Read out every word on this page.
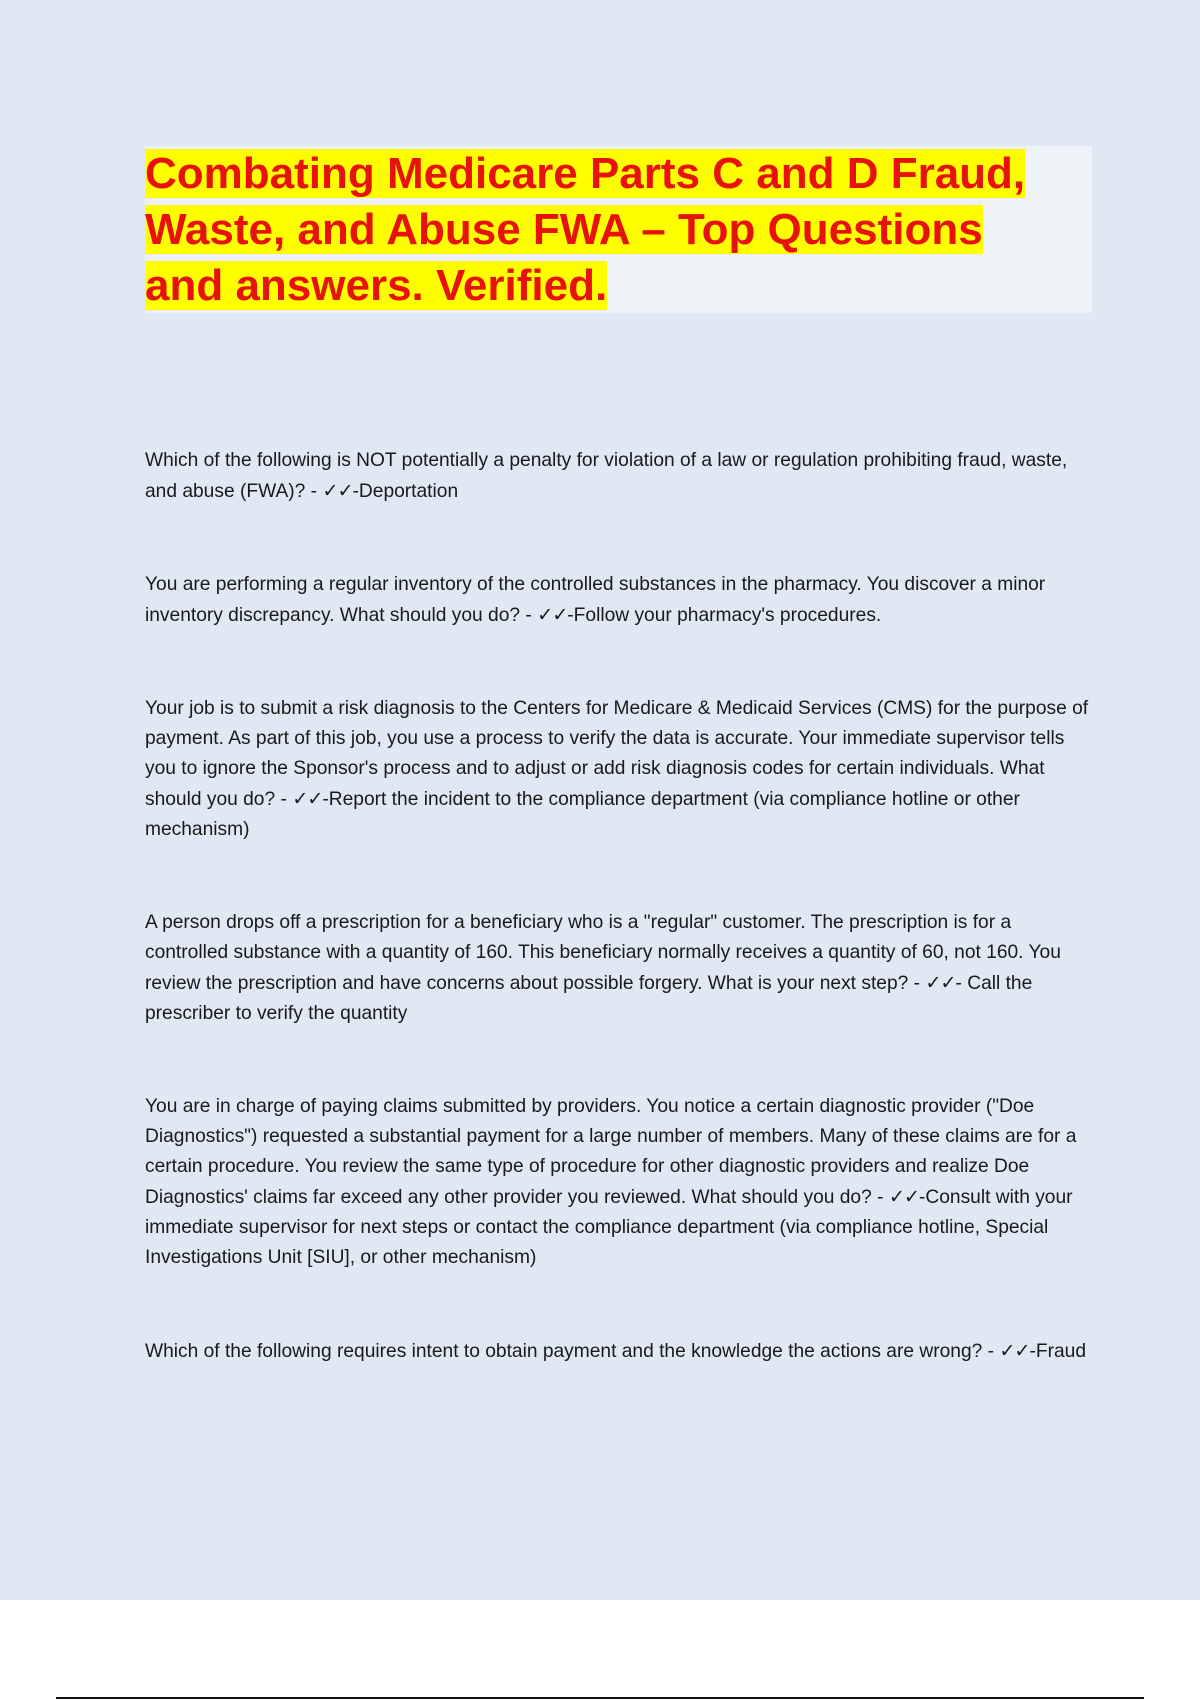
Combating Medicare Parts C and D Fraud, Waste, and Abuse FWA – Top Questions and answers. Verified.

Which of the following is NOT potentially a penalty for violation of a law or regulation prohibiting fraud, waste, and abuse (FWA)? - ✓✓-Deportation

You are performing a regular inventory of the controlled substances in the pharmacy. You discover a minor inventory discrepancy. What should you do? - ✓✓-Follow your pharmacy's procedures.

Your job is to submit a risk diagnosis to the Centers for Medicare & Medicaid Services (CMS) for the purpose of payment. As part of this job, you use a process to verify the data is accurate. Your immediate supervisor tells you to ignore the Sponsor's process and to adjust or add risk diagnosis codes for certain individuals. What should you do? - ✓✓-Report the incident to the compliance department (via compliance hotline or other mechanism)

A person drops off a prescription for a beneficiary who is a "regular" customer. The prescription is for a controlled substance with a quantity of 160. This beneficiary normally receives a quantity of 60, not 160. You review the prescription and have concerns about possible forgery. What is your next step? - ✓✓- Call the prescriber to verify the quantity

You are in charge of paying claims submitted by providers. You notice a certain diagnostic provider ("Doe Diagnostics") requested a substantial payment for a large number of members. Many of these claims are for a certain procedure. You review the same type of procedure for other diagnostic providers and realize Doe Diagnostics' claims far exceed any other provider you reviewed. What should you do? - ✓✓-Consult with your immediate supervisor for next steps or contact the compliance department (via compliance hotline, Special Investigations Unit [SIU], or other mechanism)

Which of the following requires intent to obtain payment and the knowledge the actions are wrong? - ✓✓-Fraud
